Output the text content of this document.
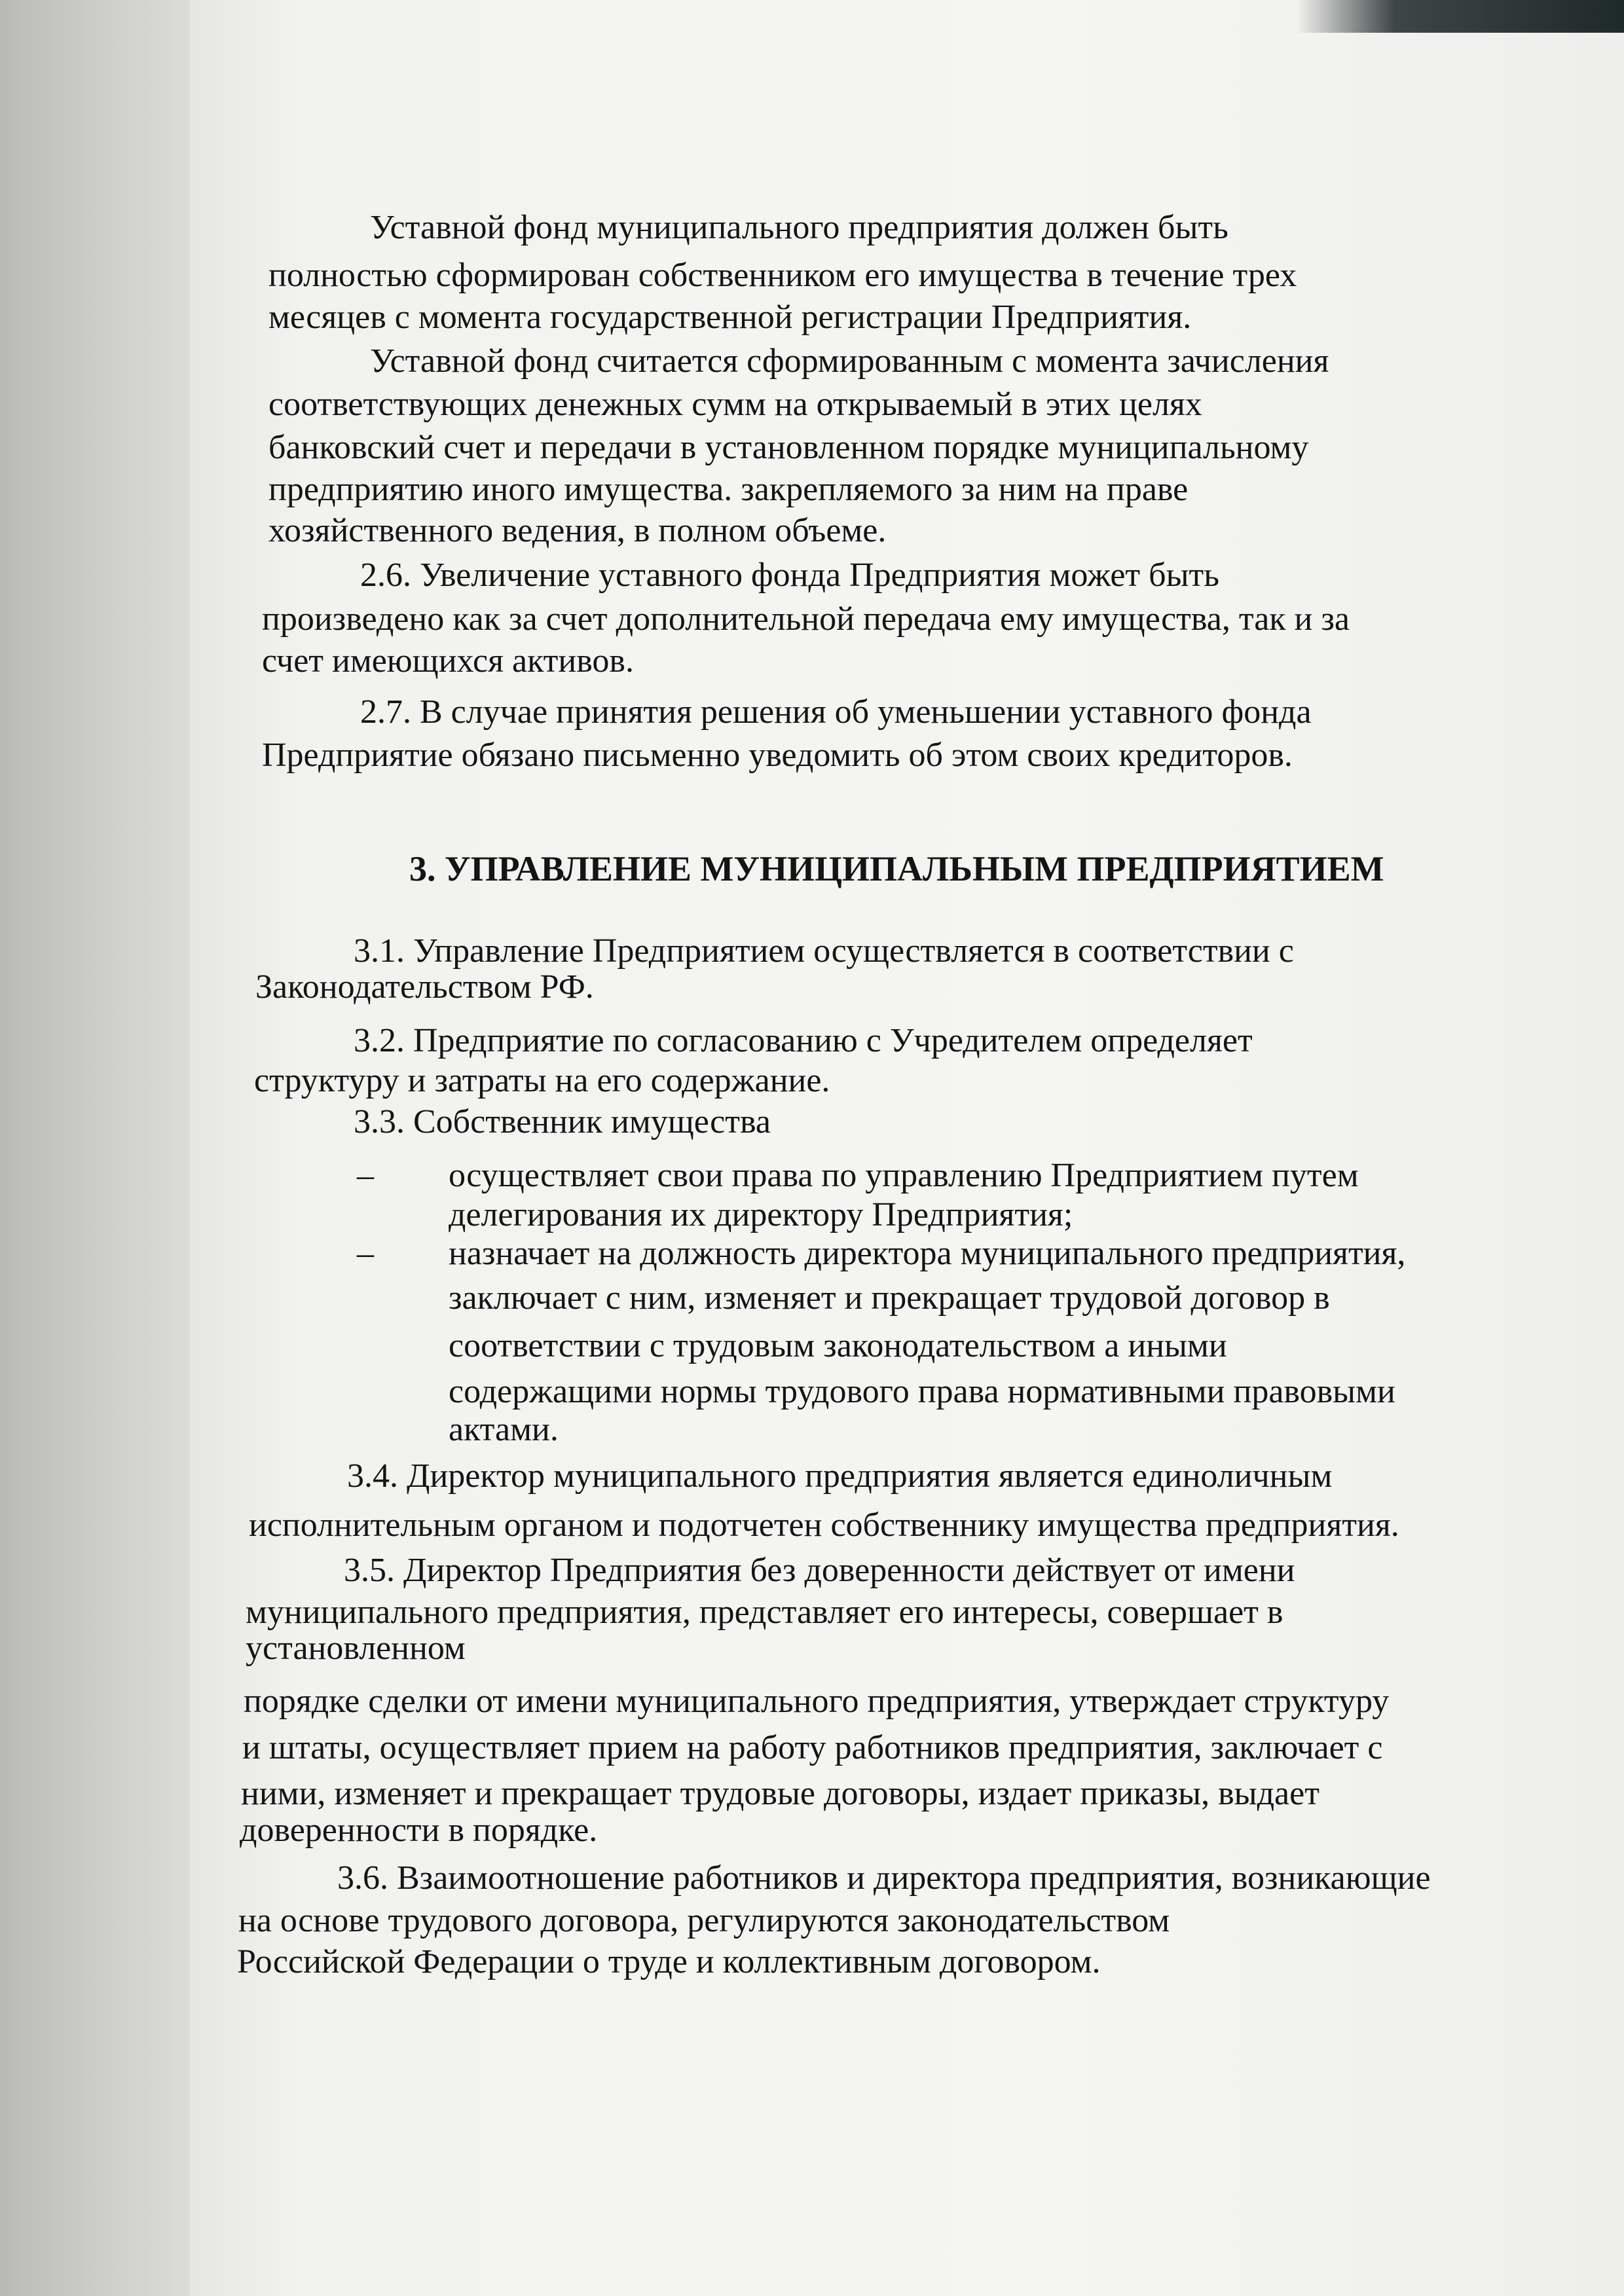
Уставной фонд муниципального предприятия должен быть
полностью сформирован собственником его имущества в течение трех
месяцев с момента государственной регистрации Предприятия.
Уставной фонд считается сформированным с момента зачисления
соответствующих денежных сумм на открываемый в этих целях
банковский счет и передачи в установленном порядке муниципальному
предприятию иного имущества. закрепляемого за ним на праве
хозяйственного ведения, в полном объеме.
2.6. Увеличение уставного фонда Предприятия может быть
произведено как за счет дополнительной передача ему имущества, так и за
счет имеющихся активов.
2.7. В случае принятия решения об уменьшении уставного фонда
Предприятие обязано письменно уведомить об этом своих кредиторов.
3. УПРАВЛЕНИЕ МУНИЦИПАЛЬНЫМ ПРЕДПРИЯТИЕМ
3.1. Управление Предприятием осуществляется в соответствии с
Законодательством РФ.
3.2. Предприятие по согласованию с Учредителем определяет
структуру и затраты на его содержание.
3.3. Собственник имущества
– осуществляет свои права по управлению Предприятием путем
делегирования их директору Предприятия;
– назначает на должность директора муниципального предприятия,
заключает с ним, изменяет и прекращает трудовой договор в
соответствии с трудовым законодательством а иными
содержащими нормы трудового права нормативными правовыми
актами.
3.4. Директор муниципального предприятия является единоличным
исполнительным органом и подотчетен собственнику имущества предприятия.
3.5. Директор Предприятия без доверенности действует от имени
муниципального предприятия, представляет его интересы, совершает в
установленном
порядке сделки от имени муниципального предприятия, утверждает структуру
и штаты, осуществляет прием на работу работников предприятия, заключает с
ними, изменяет и прекращает трудовые договоры, издает приказы, выдает
доверенности в порядке.
3.6. Взаимоотношение работников и директора предприятия, возникающие
на основе трудового договора, регулируются законодательством
Российской Федерации о труде и коллективным договором.
